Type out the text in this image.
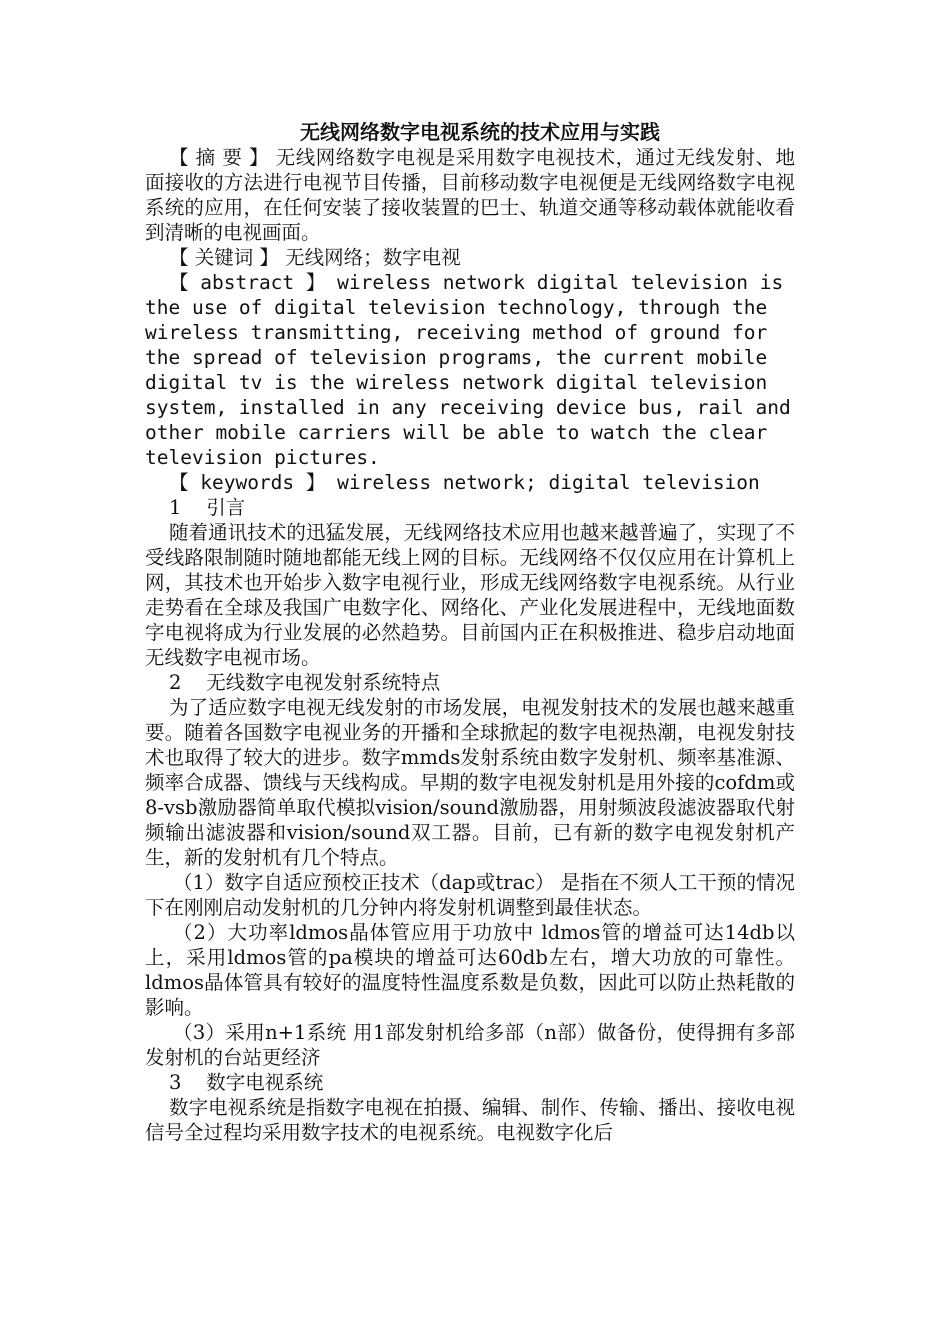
无线网络数字电视系统的技术应用与实践

【 摘 要 】 无线网络数字电视是采用数字电视技术，通过无线发射、地面接收的方法进行电视节目传播，目前移动数字电视便是无线网络数字电视系统的应用，在任何安装了接收装置的巴士、轨道交通等移动载体就能收看到清晰的电视画面。

【 关键词 】 无线网络；数字电视

【 abstract 】 wireless network digital television is the use of digital television technology, through the wireless transmitting, receiving method of ground for the spread of television programs, the current mobile digital tv is the wireless network digital television system, installed in any receiving device bus, rail and other mobile carriers will be able to watch the clear television pictures.

【 keywords 】 wireless network; digital television

1    引言

随着通讯技术的迅猛发展，无线网络技术应用也越来越普遍了，实现了不受线路限制随时随地都能无线上网的目标。无线网络不仅仅应用在计算机上网，其技术也开始步入数字电视行业，形成无线网络数字电视系统。从行业走势看在全球及我国广电数字化、网络化、产业化发展进程中，无线地面数字电视将成为行业发展的必然趋势。目前国内正在积极推进、稳步启动地面无线数字电视市场。

2    无线数字电视发射系统特点

为了适应数字电视无线发射的市场发展，电视发射技术的发展也越来越重要。随着各国数字电视业务的开播和全球掀起的数字电视热潮，电视发射技术也取得了较大的进步。数字mmds发射系统由数字发射机、频率基准源、频率合成器、馈线与天线构成。早期的数字电视发射机是用外接的cofdm或8-vsb激励器简单取代模拟vision/sound激励器，用射频波段滤波器取代射频输出滤波器和vision/sound双工器。目前，已有新的数字电视发射机产生，新的发射机有几个特点。

（1）数字自适应预校正技术（dap或trac） 是指在不须人工干预的情况下在刚刚启动发射机的几分钟内将发射机调整到最佳状态。

（2）大功率ldmos晶体管应用于功放中 ldmos管的增益可达14db以上，采用ldmos管的pa模块的增益可达60db左右，增大功放的可靠性。ldmos晶体管具有较好的温度特性温度系数是负数，因此可以防止热耗散的影响。

（3）采用n+1系统 用1部发射机给多部（n部）做备份，使得拥有多部发射机的台站更经济

3    数字电视系统

数字电视系统是指数字电视在拍摄、编辑、制作、传输、播出、接收电视信号全过程均采用数字技术的电视系统。电视数字化后
